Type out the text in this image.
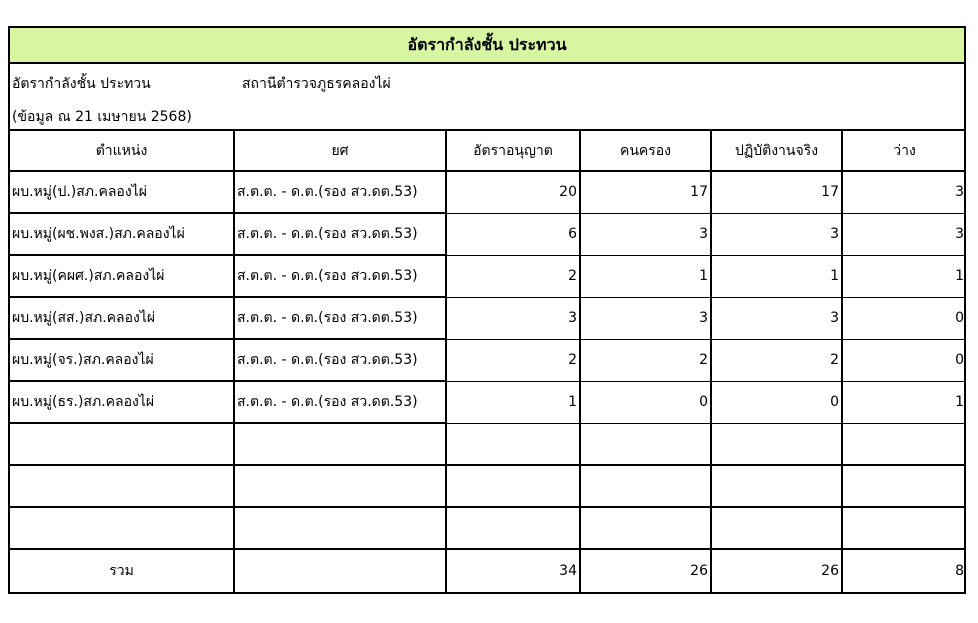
อัตรากำลังชั้น ประทวน
อัตรากำลังชั้น ประทวน	สถานีตำรวจภูธรคลองไผ่
(ข้อมูล ณ 21 เมษายน 2568)
ตำแหน่ง	ยศ	อัตราอนุญาต	คนครอง	ปฏิบัติงานจริง	ว่าง
ผบ.หมู่(ป.)สภ.คลองไผ่	ส.ต.ต. - ด.ต.(รอง สว.ดต.53)	20	17	17	3
ผบ.หมู่(ผช.พงส.)สภ.คลองไผ่	ส.ต.ต. - ด.ต.(รอง สว.ดต.53)	6	3	3	3
ผบ.หมู่(คผศ.)สภ.คลองไผ่	ส.ต.ต. - ด.ต.(รอง สว.ดต.53)	2	1	1	1
ผบ.หมู่(สส.)สภ.คลองไผ่	ส.ต.ต. - ด.ต.(รอง สว.ดต.53)	3	3	3	0
ผบ.หมู่(จร.)สภ.คลองไผ่	ส.ต.ต. - ด.ต.(รอง สว.ดต.53)	2	2	2	0
ผบ.หมู่(ธร.)สภ.คลองไผ่	ส.ต.ต. - ด.ต.(รอง สว.ดต.53)	1	0	0	1

รวม		34	26	26	8
